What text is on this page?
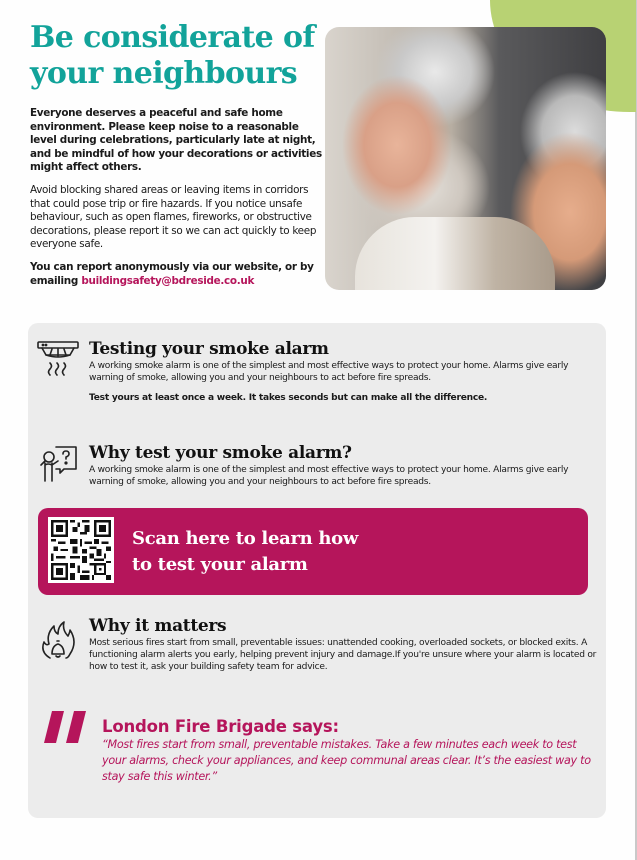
Be considerate of
your neighbours

Everyone deserves a peaceful and safe home environment. Please keep noise to a reasonable level during celebrations, particularly late at night, and be mindful of how your decorations or activities might affect others.

Avoid blocking shared areas or leaving items in corridors that could pose trip or fire hazards. If you notice unsafe behaviour, such as open flames, fireworks, or obstructive decorations, please report it so we can act quickly to keep everyone safe.

You can report anonymously via our website, or by emailing buildingsafety@bdreside.co.uk

Testing your smoke alarm

A working smoke alarm is one of the simplest and most effective ways to protect your home. Alarms give early warning of smoke, allowing you and your neighbours to act before fire spreads.

Test yours at least once a week. It takes seconds but can make all the difference.

Why test your smoke alarm?

A working smoke alarm is one of the simplest and most effective ways to protect your home. Alarms give early warning of smoke, allowing you and your neighbours to act before fire spreads.

Scan here to learn how
to test your alarm
Why it matters

Most serious fires start from small, preventable issues: unattended cooking, overloaded sockets, or blocked exits. A functioning alarm alerts you early, helping prevent injury and damage.If you're unsure where your alarm is located or how to test it, ask your building safety team for advice.

London Fire Brigade says:

“Most fires start from small, preventable mistakes. Take a few minutes each week to test your alarms, check your appliances, and keep communal areas clear. It’s the easiest way to stay safe this winter.”
